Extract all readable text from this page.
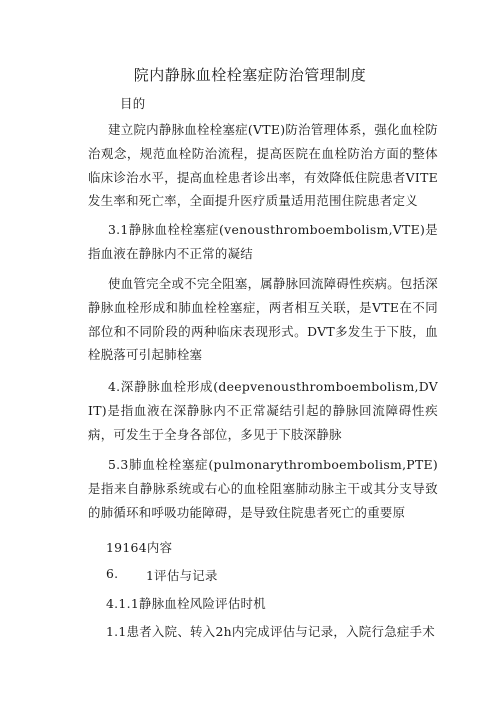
院内静脉血栓栓塞症防治管理制度
目的
建立院内静脉血栓栓塞症(VTE)防治管理体系，强化血栓防治观念，规范血栓防治流程，提高医院在血栓防治方面的整体临床诊治水平，提高血栓患者诊出率，有效降低住院患者VITE发生率和死亡率，全面提升医疗质量适用范围住院患者定义
3.1静脉血栓栓塞症(venousthromboembolism,VTE)是指血液在静脉内不正常的凝结
使血管完全或不完全阻塞，属静脉回流障碍性疾病。包括深静脉血栓形成和肺血栓栓塞症，两者相互关联，是VTE在不同部位和不同阶段的两种临床表现形式。DVT多发生于下肢，血栓脱落可引起肺栓塞
4.深静脉血栓形成(deepvenousthromboembolism,DVIT)是指血液在深静脉内不正常凝结引起的静脉回流障碍性疾病，可发生于全身各部位，多见于下肢深静脉
5.3肺血栓栓塞症(pulmonarythromboembolism,PTE)是指来自静脉系统或右心的血栓阻塞肺动脉主干或其分支导致的肺循环和呼吸功能障碍，是导致住院患者死亡的重要原
19164内容
6. 1评估与记录
4.1.1静脉血栓风险评估时机
1.1患者入院、转入2h内完成评估与记录，入院行急症手术
